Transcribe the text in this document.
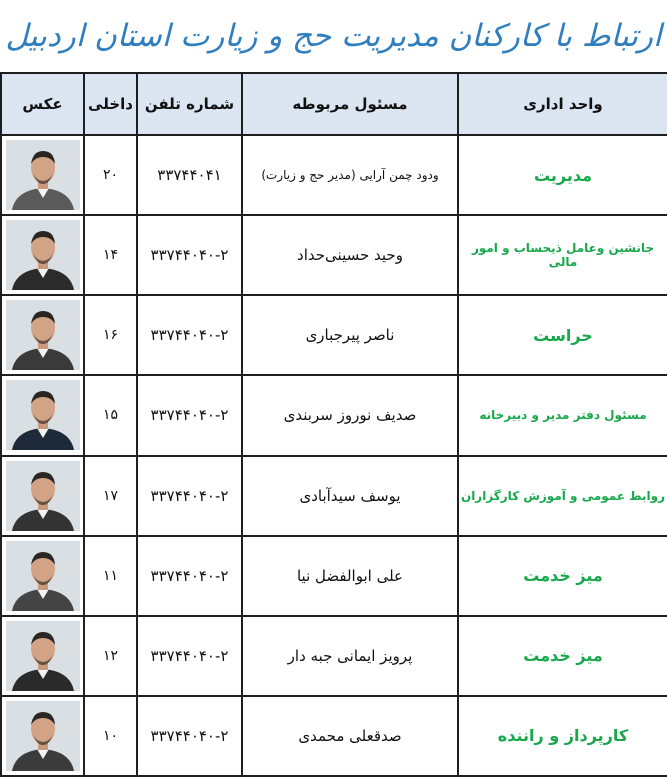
ارتباط با کارکنان مدیریت حج و زیارت استان اردبیل
واحد اداری	مسئول مربوطه	شماره تلفن	داخلی	عکس
مدیریت	ودود چمن آرایی (مدیر حج و زیارت)	۳۳۷۴۴۰۴۱	۲۰	

جانشین وعامل ذیحساب و امور مالی	وحید حسینی‌حداد	۳۳۷۴۴۰۴۰-۲	۱۴	

حراست	ناصر پیرجباری	۳۳۷۴۴۰۴۰-۲	۱۶	

مسئول دفتر مدیر و دبیرخانه	صدیف نوروز سربندی	۳۳۷۴۴۰۴۰-۲	۱۵	

روابط عمومی و آموزش کارگزاران	یوسف سیدآبادی	۳۳۷۴۴۰۴۰-۲	۱۷	

میز خدمت	علی ابوالفضل نیا	۳۳۷۴۴۰۴۰-۲	۱۱	

میز خدمت	پرویز ایمانی جبه دار	۳۳۷۴۴۰۴۰-۲	۱۲	

کارپرداز و راننده	صدقعلی محمدی	۳۳۷۴۴۰۴۰-۲	۱۰	
